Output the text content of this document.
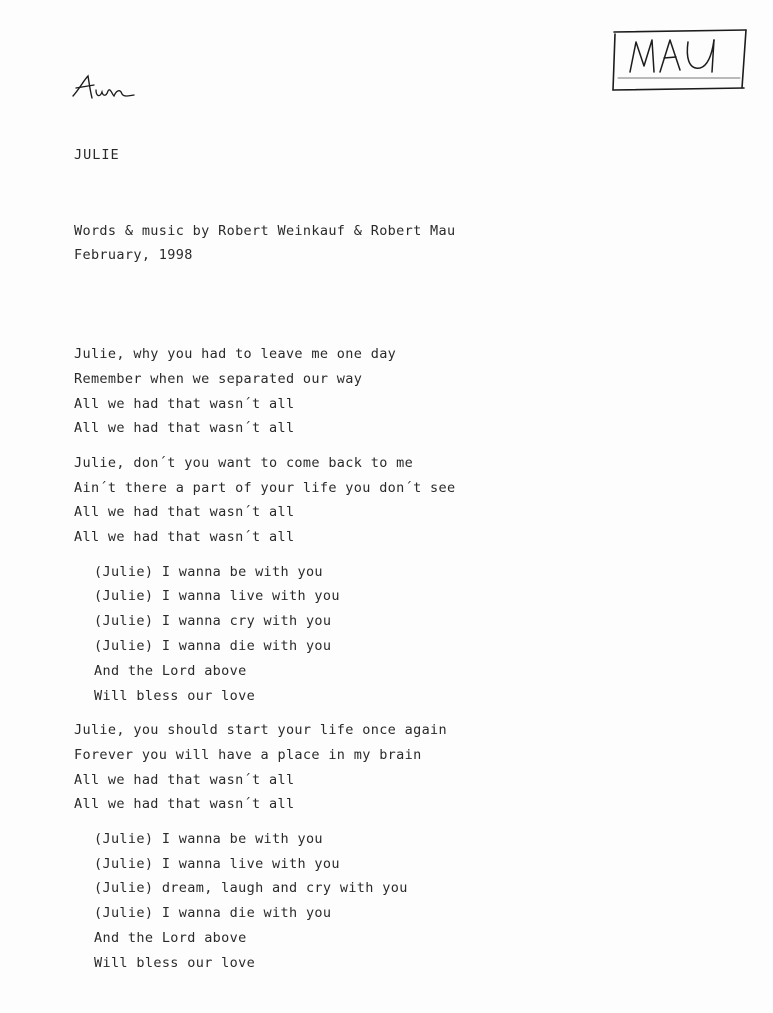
JULIE
Words & music by Robert Weinkauf & Robert Mau
February, 1998
Julie, why you had to leave me one day
Remember when we separated our way
All we had that wasn´t all
All we had that wasn´t all
Julie, don´t you want to come back to me
Ain´t there a part of your life you don´t see
All we had that wasn´t all
All we had that wasn´t all
(Julie) I wanna be with you
(Julie) I wanna live with you
(Julie) I wanna cry with you
(Julie) I wanna die with you
And the Lord above
Will bless our love
Julie, you should start your life once again
Forever you will have a place in my brain
All we had that wasn´t all
All we had that wasn´t all
(Julie) I wanna be with you
(Julie) I wanna live with you
(Julie) dream, laugh and cry with you
(Julie) I wanna die with you
And the Lord above
Will bless our love
